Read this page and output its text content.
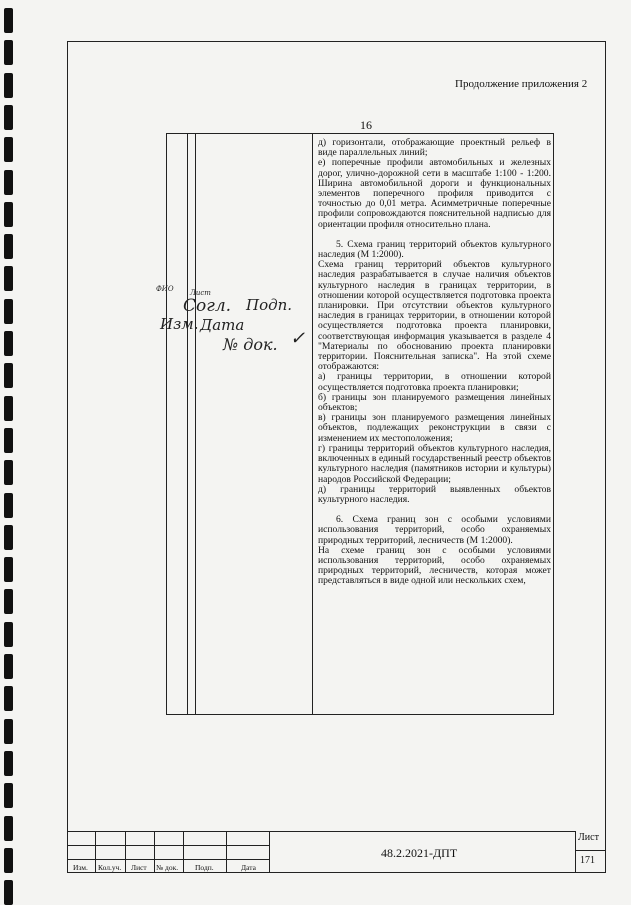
Продолжение приложения 2
16

д) горизонтали, отображающие проектный рельеф в виде параллельных линий;

е) поперечные профили автомобильных и железных дорог, улично-дорожной сети в масштабе 1:100 - 1:200. Ширина автомобильной дороги и функциональных элементов поперечного профиля приводится с точностью до 0,01 метра. Асимметричные поперечные профили сопровождаются пояснительной надписью для ориентации профиля относительно плана.

5. Схема границ территорий объектов культурного наследия (М 1:2000).

Схема границ территорий объектов культурного наследия разрабатывается в случае наличия объектов культурного наследия в границах территории, в отношении которой осуществляется подготовка проекта планировки. При отсутствии объектов культурного наследия в границах территории, в отношении которой осуществляется подготовка проекта планировки, соответствующая информация указывается в разделе 4 "Материалы по обоснованию проекта планировки территории. Пояснительная записка". На этой схеме отображаются:

а) границы территории, в отношении которой осуществляется подготовка проекта планировки;

б) границы зон планируемого размещения линейных объектов;

в) границы зон планируемого размещения линейных объектов, подлежащих реконструкции в связи с изменением их местоположения;

г) границы территорий объектов культурного наследия, включенных в единый государственный реестр объектов культурного наследия (памятников истории и культуры) народов Российской Федерации;

д) границы территорий выявленных объектов культурного наследия.

6. Схема границ зон с особыми условиями использования территорий, особо охраняемых природных территорий, лесничеств (М 1:2000).

На схеме границ зон с особыми условиями использования территорий, особо охраняемых природных территорий, лесничеств, которая может представляться в виде одной или нескольких схем,

ФИО Лист
Согл. Подп.
Изм. Дата
№ док. ✓
Изм. Кол.уч. Лист № док. Подп.	Дата
48.2.2021-ДПТ
Лист
171
